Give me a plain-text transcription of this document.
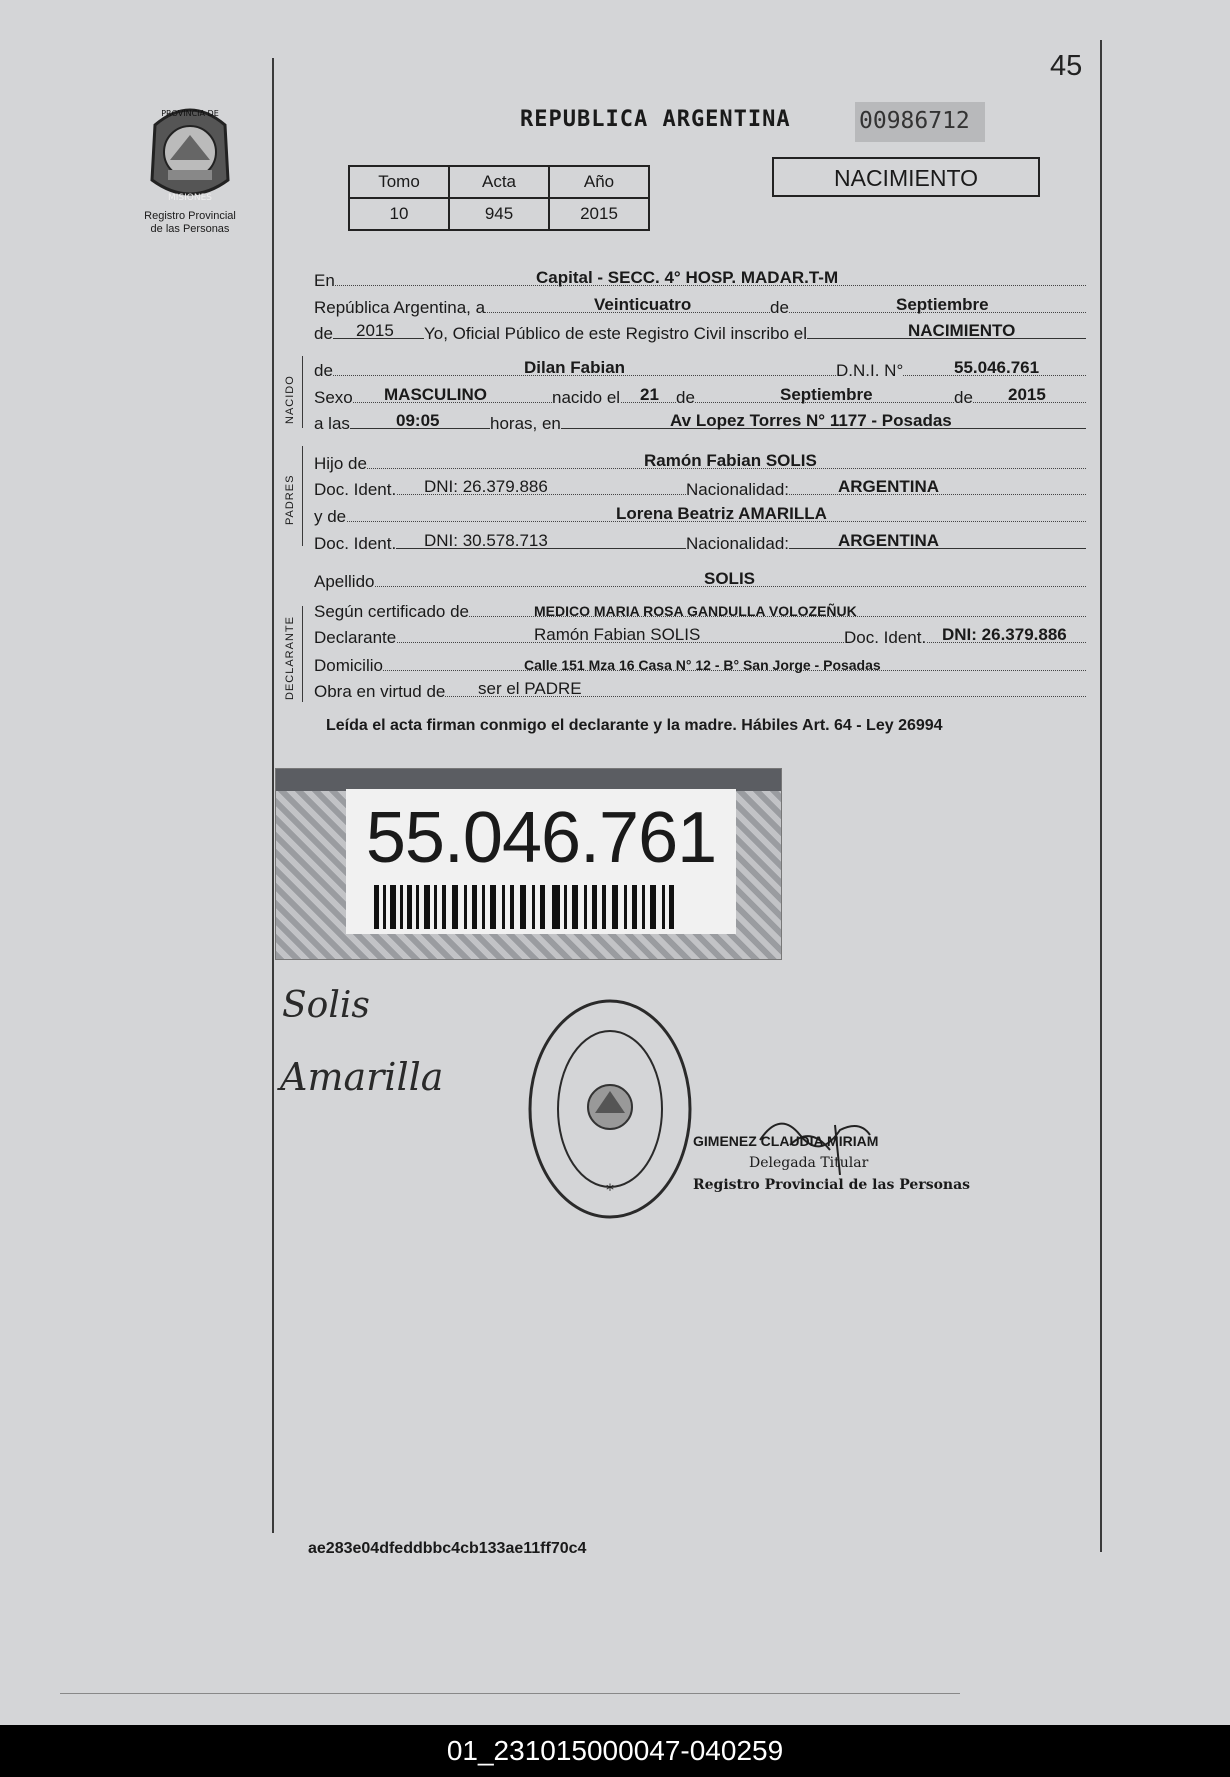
45
PROVINCIA DE
MISIONES
Registro Provincial
de las Personas
REPUBLICA ARGENTINA	00986712
Tomo	Acta	Año
10	945	2015
NACIMIENTO
En	Capital - SECC. 4° HOSP. MADAR.T-M
República Argentina, a	Veinticuatro	de	Septiembre
de 2015 Yo, Oficial Público de este Registro Civil inscribo el	NACIMIENTO
NACIDO
de	Dilan Fabian	D.N.I. N°	55.046.761
Sexo MASCULINO	nacido el 21 de	Septiembre	de 2015
a las	09:05	horas, en	Av Lopez Torres N° 1177 - Posadas
PADRES
Hijo de	Ramón Fabian SOLIS
Doc. Ident. DNI: 26.379.886	Nacionalidad:	ARGENTINA
y de	Lorena Beatriz AMARILLA
Doc. Ident. DNI: 30.578.713	Nacionalidad:	ARGENTINA
Apellido	SOLIS
DECLARANTE
Según certificado de	MEDICO MARIA ROSA GANDULLA VOLOZEÑUK
Declarante	Ramón Fabian SOLIS	Doc. Ident. DNI: 26.379.886
Domicilio	Calle 151 Mza 16 Casa N° 12 - B° San Jorge - Posadas
Obra en virtud de ser el PADRE
Leída el acta firman conmigo el declarante y la madre. Hábiles Art. 64 - Ley 26994
55.046.761
Solis
Amarilla
*
GIMENEZ CLAUDIA MIRIAM
Delegada Titular
Registro Provincial de las Personas
ae283e04dfeddbbc4cb133ae11ff70c4
01_231015000047-040259
